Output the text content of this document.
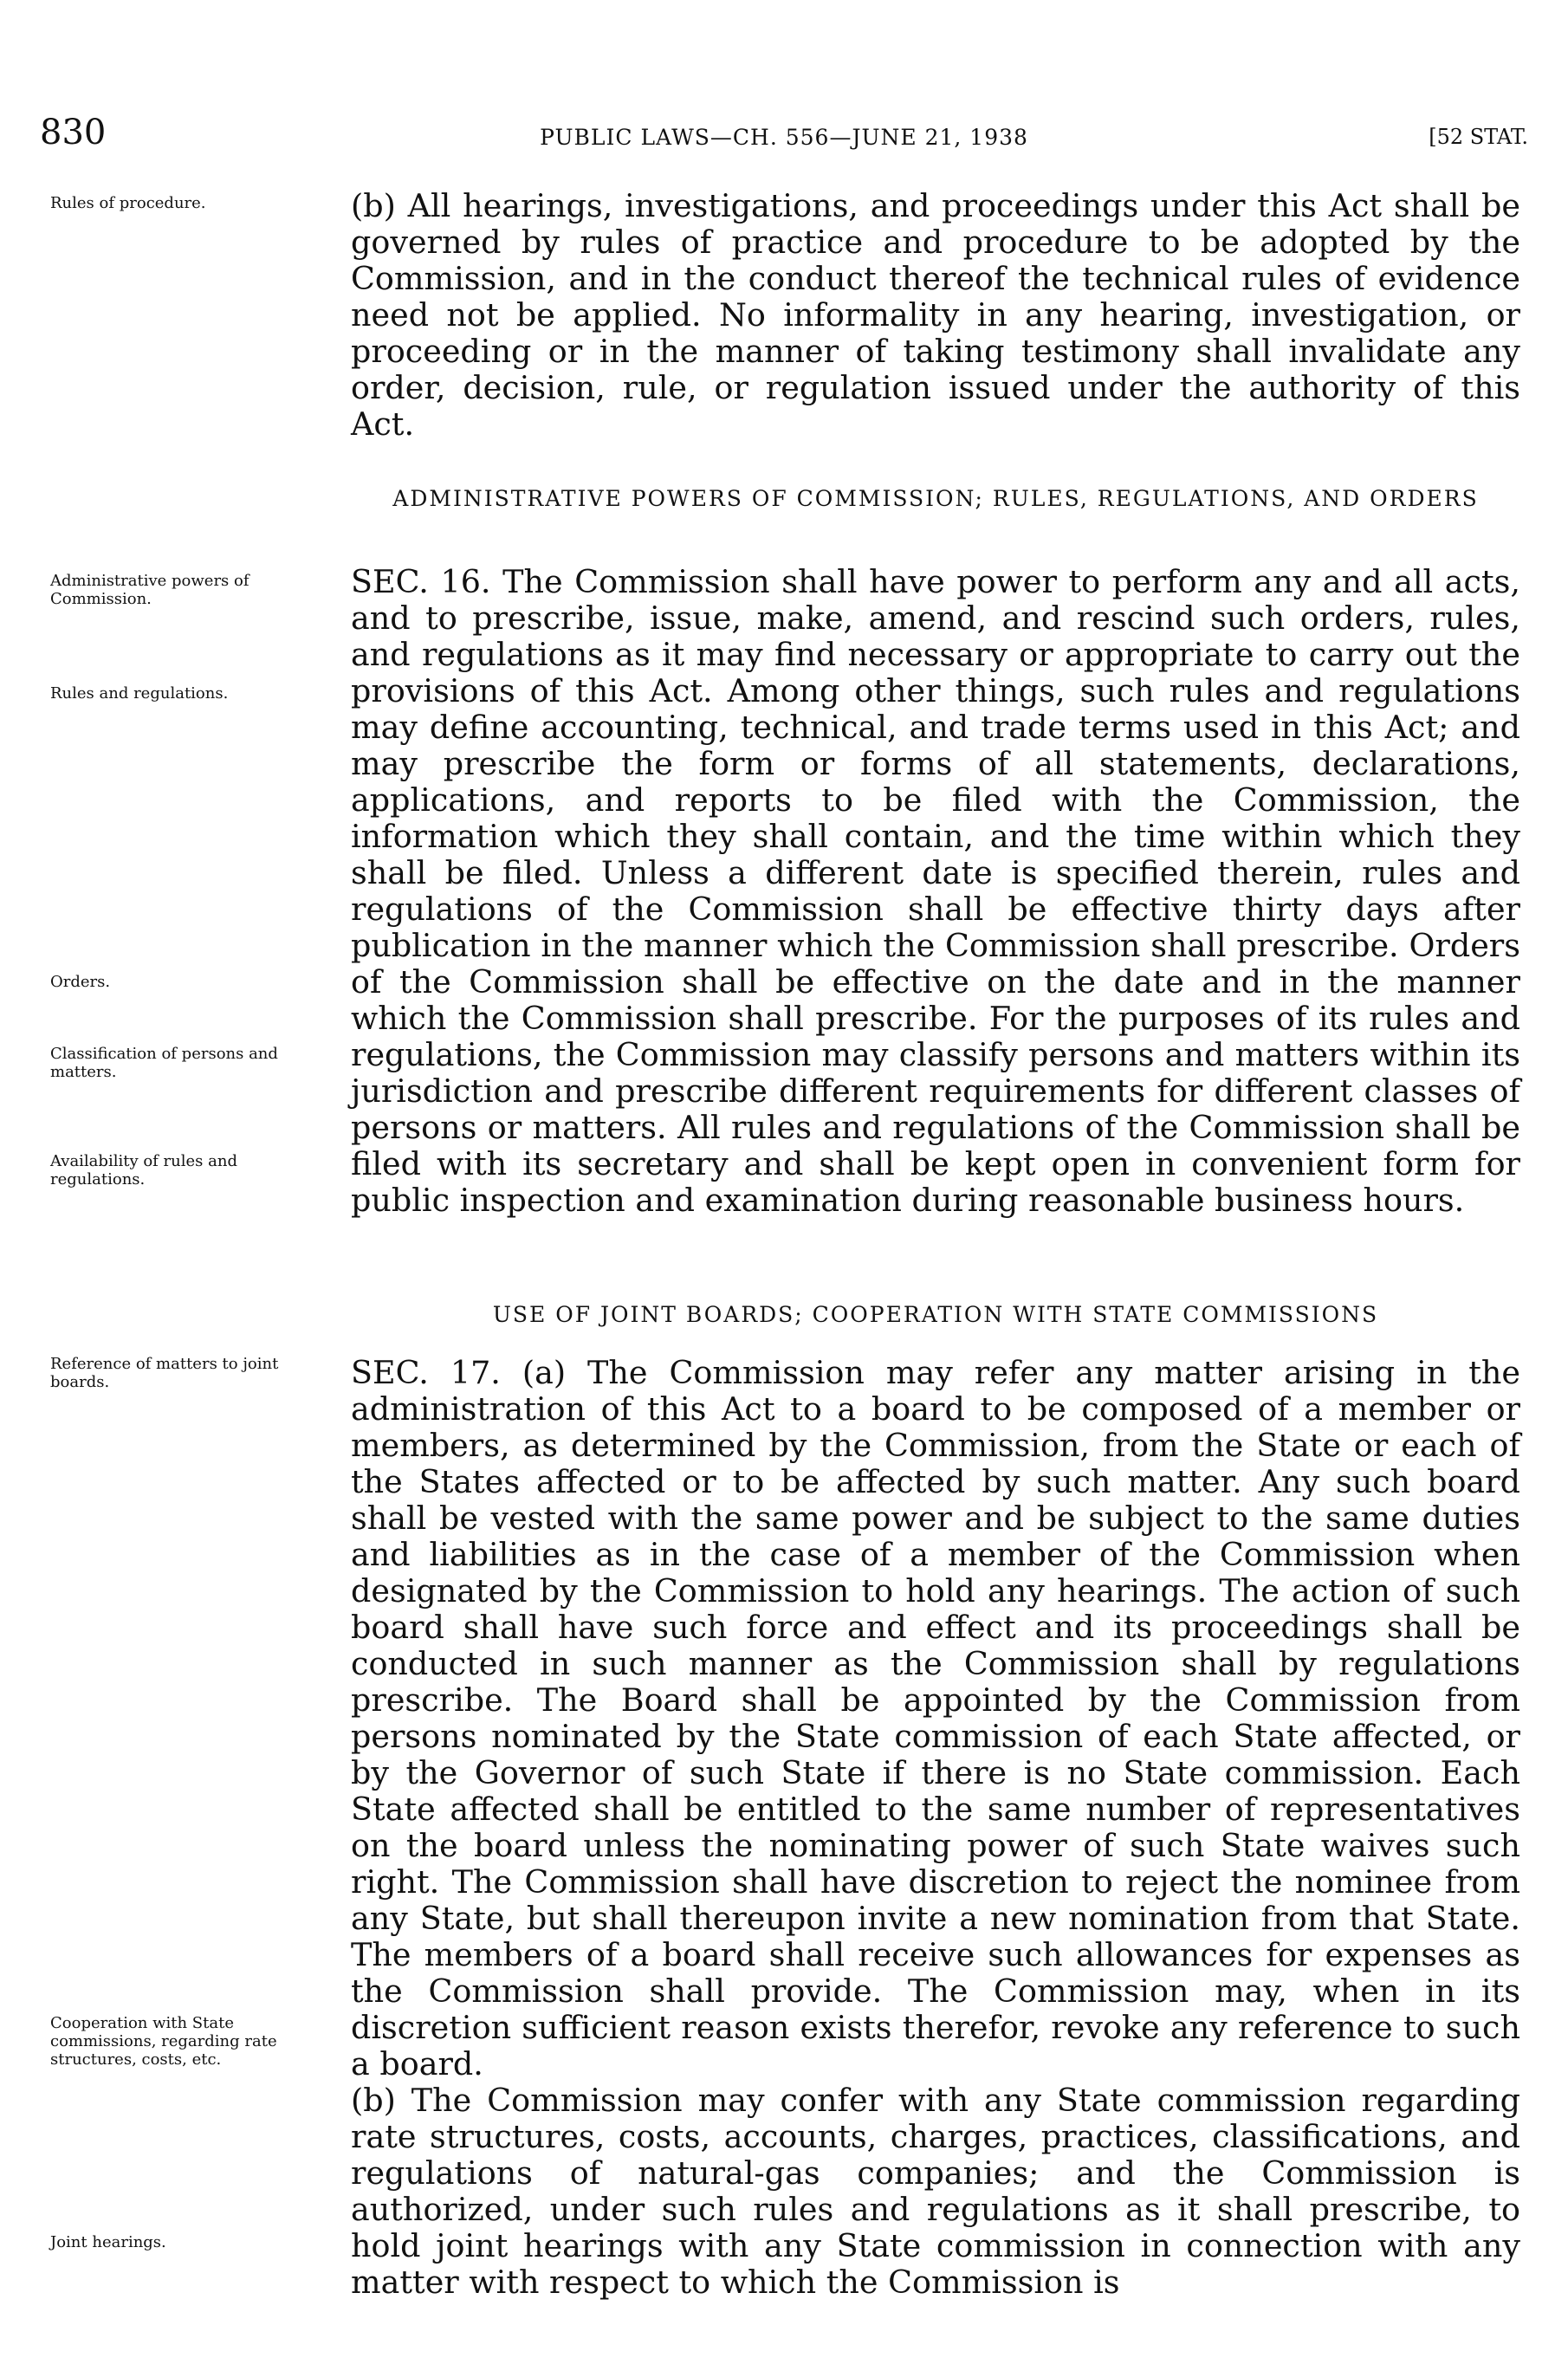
830	PUBLIC LAWS—CH. 556—JUNE 21, 1938	[52 STAT.
Rules of procedure.
Administrative powers of Commission.
Rules and regulations.
Orders.
Classification of persons and matters.
Availability of rules and regulations.
Reference of matters to joint boards.
Cooperation with State commissions, regarding rate structures, costs, etc.
Joint hearings.

(b) All hearings, investigations, and proceedings under this Act shall be governed by rules of practice and procedure to be adopted by the Commission, and in the conduct thereof the technical rules of evidence need not be applied. No informality in any hearing, investigation, or proceeding or in the manner of taking testimony shall invalidate any order, decision, rule, or regulation issued under the authority of this Act.

ADMINISTRATIVE POWERS OF COMMISSION; RULES, REGULATIONS, AND ORDERS

SEC. 16. The Commission shall have power to perform any and all acts, and to prescribe, issue, make, amend, and rescind such orders, rules, and regulations as it may find necessary or appropriate to carry out the provisions of this Act. Among other things, such rules and regulations may define accounting, technical, and trade terms used in this Act; and may prescribe the form or forms of all statements, declarations, applications, and reports to be filed with the Commission, the information which they shall contain, and the time within which they shall be filed. Unless a different date is specified therein, rules and regulations of the Commission shall be effective thirty days after publication in the manner which the Commission shall prescribe. Orders of the Commission shall be effective on the date and in the manner which the Commission shall prescribe. For the purposes of its rules and regulations, the Commission may classify persons and matters within its jurisdiction and prescribe different requirements for different classes of persons or matters. All rules and regulations of the Commission shall be filed with its secretary and shall be kept open in convenient form for public inspection and examination during reasonable business hours.

USE OF JOINT BOARDS; COOPERATION WITH STATE COMMISSIONS

SEC. 17. (a) The Commission may refer any matter arising in the administration of this Act to a board to be composed of a member or members, as determined by the Commission, from the State or each of the States affected or to be affected by such matter. Any such board shall be vested with the same power and be subject to the same duties and liabilities as in the case of a member of the Commission when designated by the Commission to hold any hearings. The action of such board shall have such force and effect and its proceedings shall be conducted in such manner as the Commission shall by regulations prescribe. The Board shall be appointed by the Commission from persons nominated by the State commission of each State affected, or by the Governor of such State if there is no State commission. Each State affected shall be entitled to the same number of representatives on the board unless the nominating power of such State waives such right. The Commission shall have discretion to reject the nominee from any State, but shall thereupon invite a new nomination from that State. The members of a board shall receive such allowances for expenses as the Commission shall provide. The Commission may, when in its discretion sufficient reason exists therefor, revoke any reference to such a board.

(b) The Commission may confer with any State commission regarding rate structures, costs, accounts, charges, practices, classifications, and regulations of natural-gas companies; and the Commission is authorized, under such rules and regulations as it shall prescribe, to hold joint hearings with any State commission in connection with any matter with respect to which the Commission is
